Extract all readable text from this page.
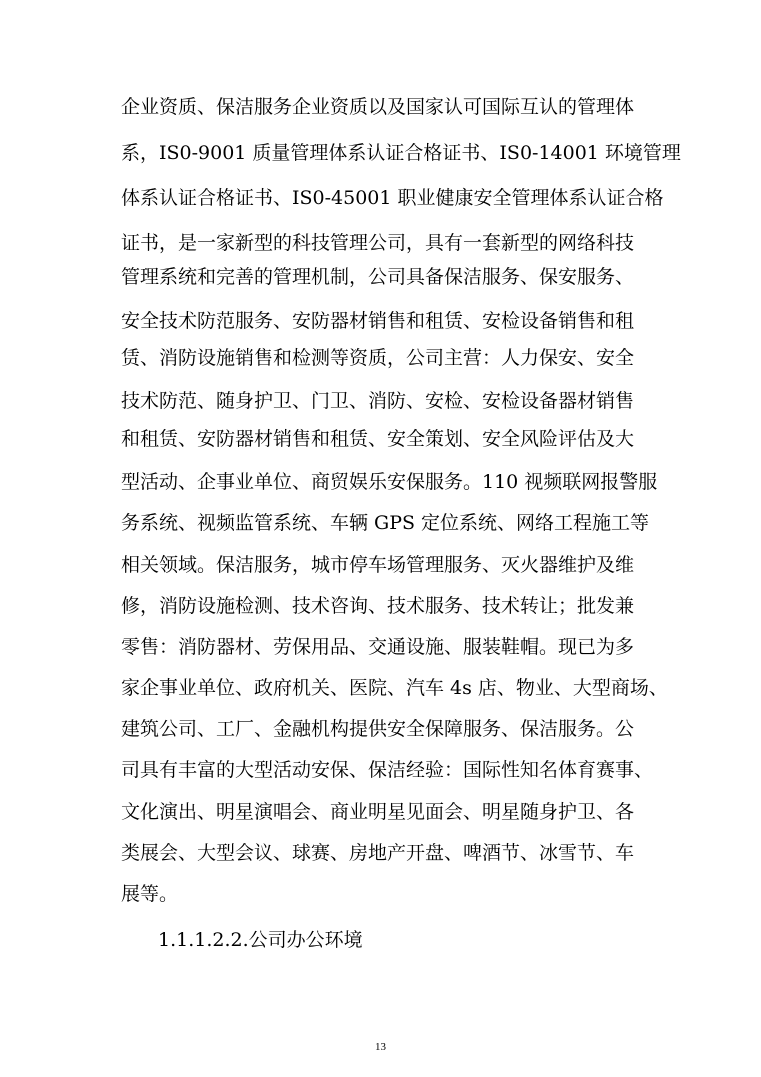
企业资质、保洁服务企业资质以及国家认可国际互认的管理体
系，IS0-9001 质量管理体系认证合格证书、IS0-14001 环境管理
体系认证合格证书、IS0-45001 职业健康安全管理体系认证合格
证书，是一家新型的科技管理公司，具有一套新型的网络科技
管理系统和完善的管理机制，公司具备保洁服务、保安服务、
安全技术防范服务、安防器材销售和租赁、安检设备销售和租
赁、消防设施销售和检测等资质，公司主营：人力保安、安全
技术防范、随身护卫、门卫、消防、安检、安检设备器材销售
和租赁、安防器材销售和租赁、安全策划、安全风险评估及大
型活动、企事业单位、商贸娱乐安保服务。110 视频联网报警服
务系统、视频监管系统、车辆 GPS 定位系统、网络工程施工等
相关领域。保洁服务，城市停车场管理服务、灭火器维护及维
修，消防设施检测、技术咨询、技术服务、技术转让；批发兼
零售：消防器材、劳保用品、交通设施、服装鞋帽。现已为多
家企事业单位、政府机关、医院、汽车 4s 店、物业、大型商场、
建筑公司、工厂、金融机构提供安全保障服务、保洁服务。公
司具有丰富的大型活动安保、保洁经验：国际性知名体育赛事、
文化演出、明星演唱会、商业明星见面会、明星随身护卫、各
类展会、大型会议、球赛、房地产开盘、啤酒节、冰雪节、车
展等。
1.1.1.2.2.公司办公环境
13
